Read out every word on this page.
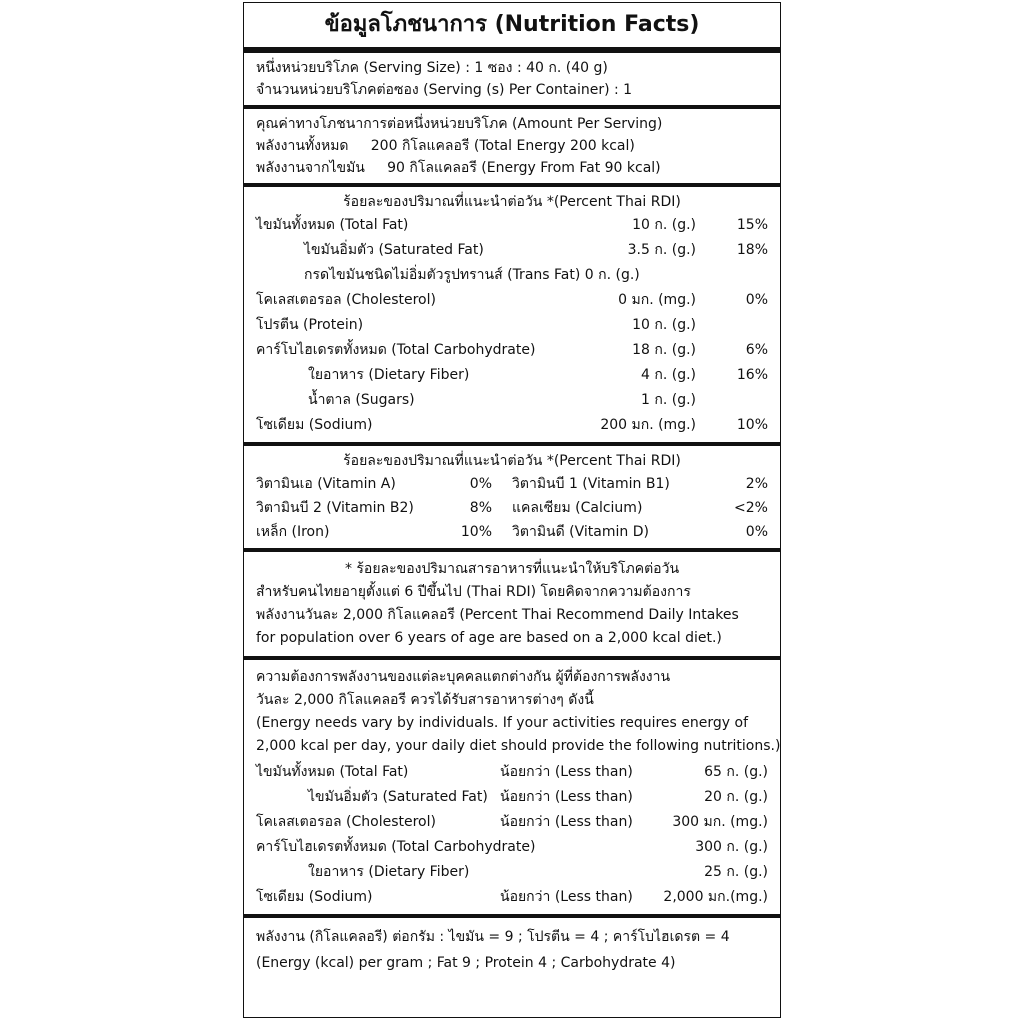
ข้อมูลโภชนาการ (Nutrition Facts)
หนึ่งหน่วยบริโภค (Serving Size) : 1 ซอง : 40 ก. (40 g)
จำนวนหน่วยบริโภคต่อซอง (Serving (s) Per Container) : 1
คุณค่าทางโภชนาการต่อหนึ่งหน่วยบริโภค (Amount Per Serving)
พลังงานทั้งหมด     200 กิโลแคลอรี (Total Energy 200 kcal)
พลังงานจากไขมัน     90 กิโลแคลอรี (Energy From Fat 90 kcal)
ร้อยละของปริมาณที่แนะนำต่อวัน *(Percent Thai RDI)
ไขมันทั้งหมด (Total Fat)	10 ก. (g.)	15%
ไขมันอิ่มตัว (Saturated Fat)	3.5 ก. (g.)	18%
กรดไขมันชนิดไม่อิ่มตัวรูปทรานส์ (Trans Fat) 0 ก. (g.)
โคเลสเตอรอล (Cholesterol)	0 มก. (mg.)	0%
โปรตีน (Protein)	10 ก. (g.)
คาร์โบไฮเดรตทั้งหมด (Total Carbohydrate)	18 ก. (g.)	6%
ใยอาหาร (Dietary Fiber)	4 ก. (g.)	16%
น้ำตาล (Sugars)	1 ก. (g.)
โซเดียม (Sodium)	200 มก. (mg.)	10%
ร้อยละของปริมาณที่แนะนำต่อวัน *(Percent Thai RDI)
วิตามินเอ (Vitamin A)	0% วิตามินบี 1 (Vitamin B1)	2%
วิตามินบี 2 (Vitamin B2)	8% แคลเซียม (Calcium)	<2%
เหล็ก (Iron)	10% วิตามินดี (Vitamin D)	0%
* ร้อยละของปริมาณสารอาหารที่แนะนำให้บริโภคต่อวัน
สำหรับคนไทยอายุตั้งแต่ 6 ปีขึ้นไป (Thai RDI) โดยคิดจากความต้องการ
พลังงานวันละ 2,000 กิโลแคลอรี (Percent Thai Recommend Daily Intakes
for population over 6 years of age are based on a 2,000 kcal diet.)
ความต้องการพลังงานของแต่ละบุคคลแตกต่างกัน ผู้ที่ต้องการพลังงาน
วันละ 2,000 กิโลแคลอรี ควรได้รับสารอาหารต่างๆ ดังนี้
(Energy needs vary by individuals. If your activities requires energy of
2,000 kcal per day, your daily diet should provide the following nutritions.)
ไขมันทั้งหมด (Total Fat)	น้อยกว่า (Less than)	65 ก. (g.)
ไขมันอิ่มตัว (Saturated Fat) น้อยกว่า (Less than)	20 ก. (g.)
โคเลสเตอรอล (Cholesterol)	น้อยกว่า (Less than)	300 มก. (mg.)
คาร์โบไฮเดรตทั้งหมด (Total Carbohydrate)	300 ก. (g.)
ใยอาหาร (Dietary Fiber)	25 ก. (g.)
โซเดียม (Sodium)	น้อยกว่า (Less than)	2,000 มก.(mg.)
พลังงาน (กิโลแคลอรี) ต่อกรัม : ไขมัน = 9 ; โปรตีน = 4 ; คาร์โบไฮเดรต = 4
(Energy (kcal) per gram ; Fat 9 ; Protein 4 ; Carbohydrate 4)
